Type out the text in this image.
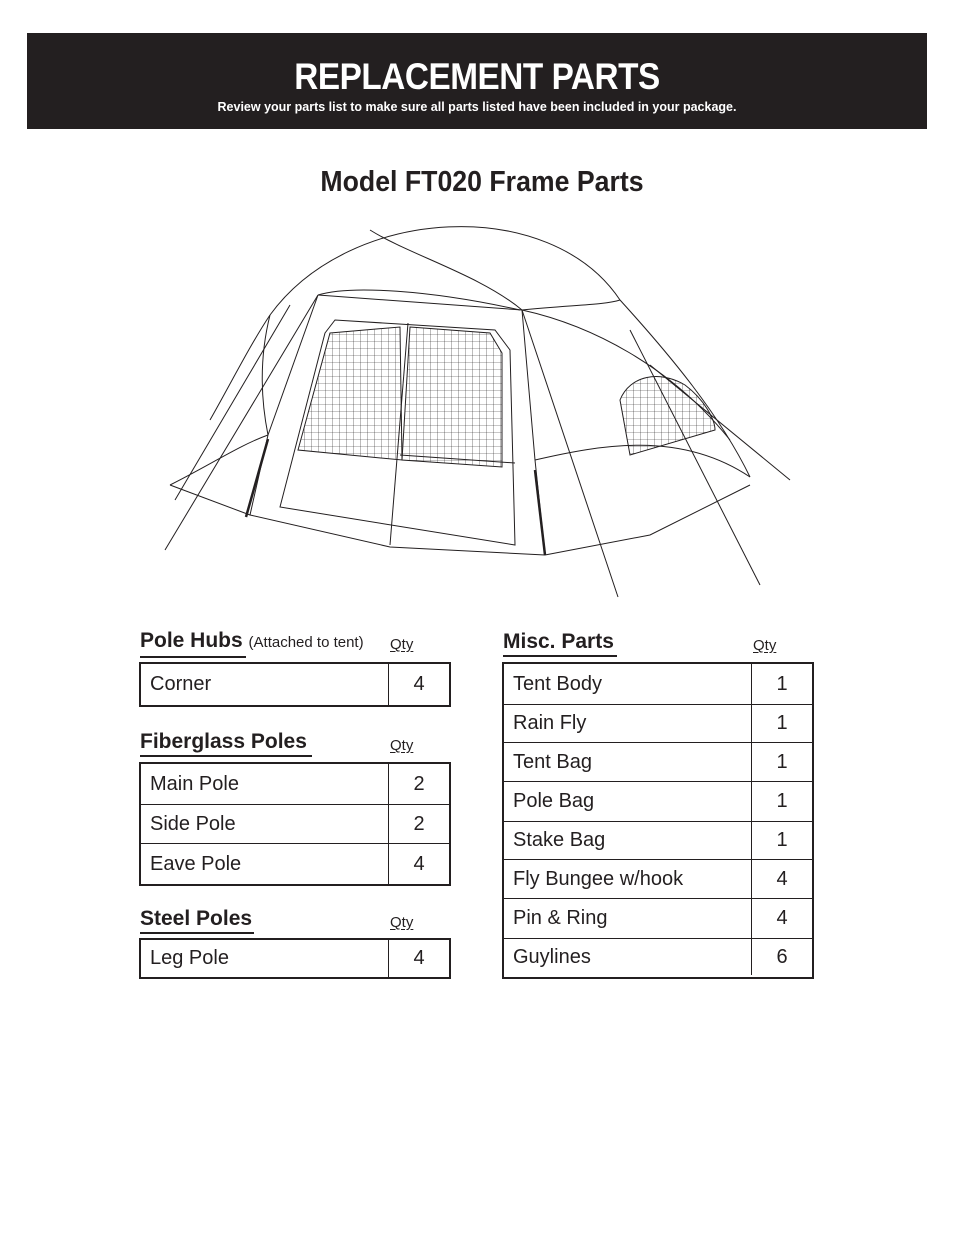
REPLACEMENT PARTS
Review your parts list to make sure all parts listed have been included in your package.
Model FT020 Frame Parts
Pole Hubs (Attached to tent) Qty
Corner	4
Fiberglass Poles	Qty
Main Pole	2
Side Pole	2
Eave Pole	4
Steel Poles	Qty
Leg Pole	4
Misc. Parts	Qty
Tent Body	1
Rain Fly	1
Tent Bag	1
Pole Bag	1
Stake Bag	1
Fly Bungee w/hook	4
Pin & Ring	4
Guylines	6
